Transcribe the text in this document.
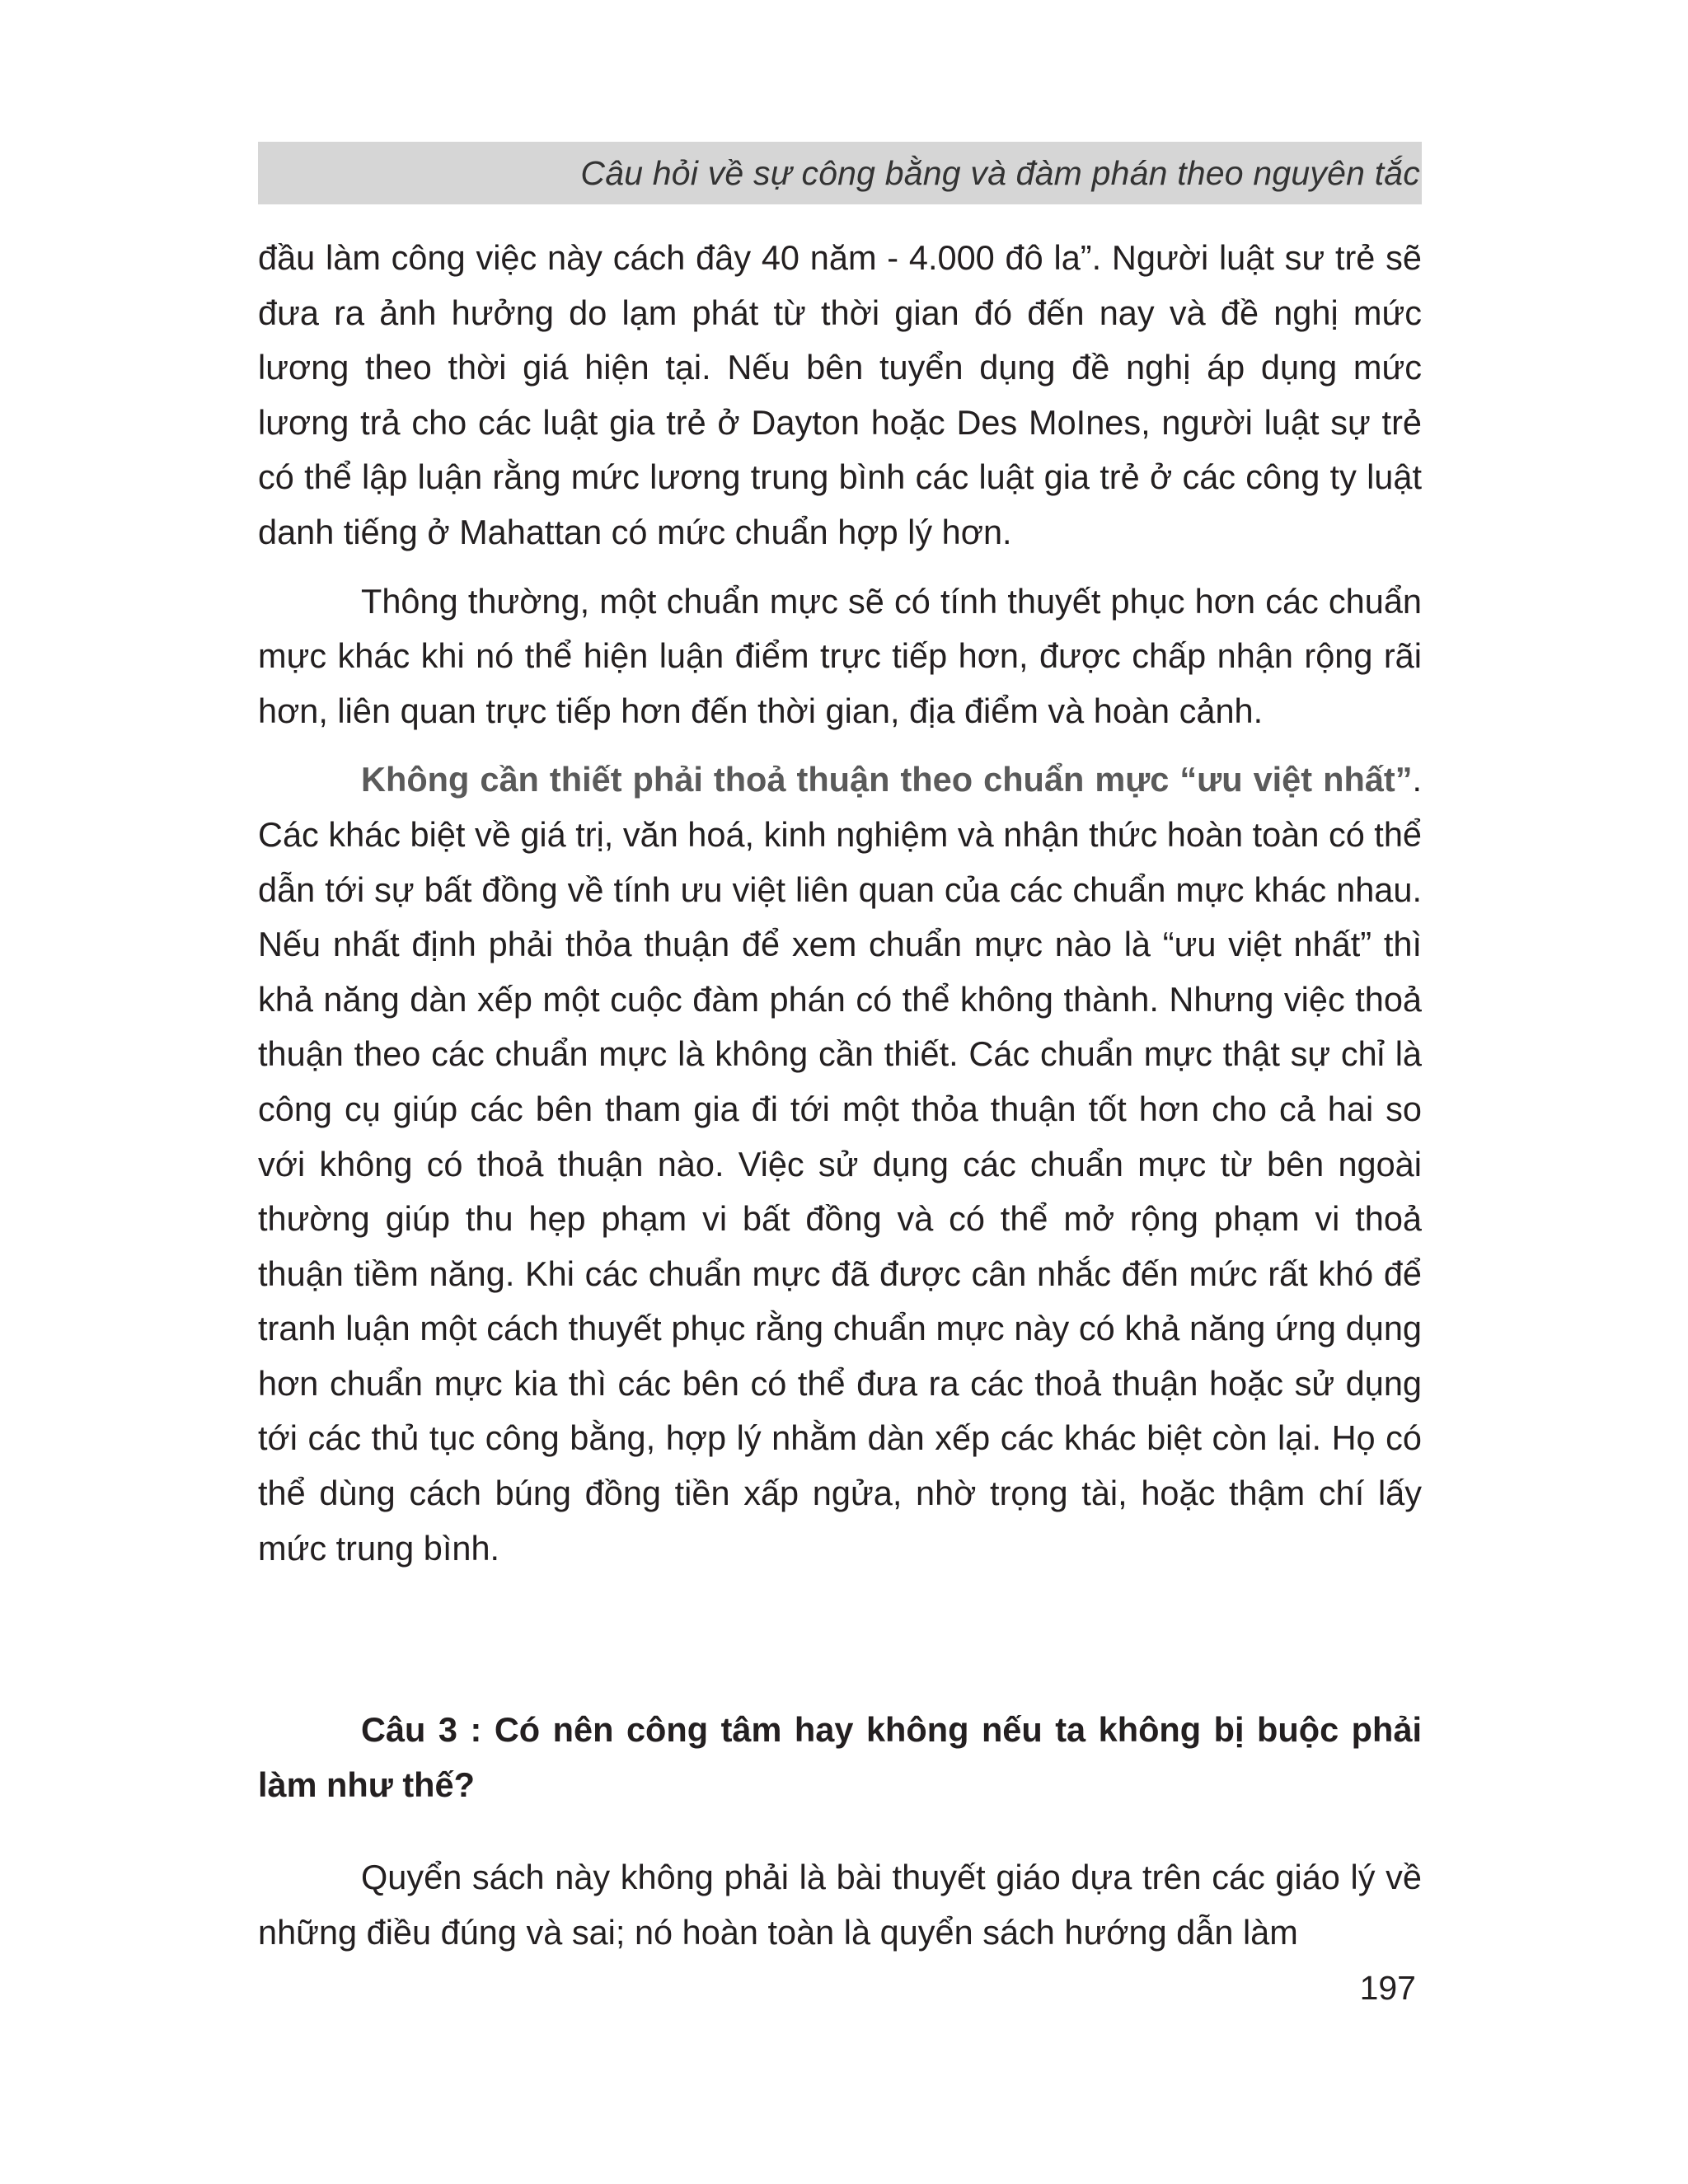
Câu hỏi về sự công bằng và đàm phán theo nguyên tắc

đầu làm công việc này cách đây 40 năm - 4.000 đô la”. Người luật sư trẻ sẽ đưa ra ảnh hưởng do lạm phát từ thời gian đó đến nay và đề nghị mức lương theo thời giá hiện tại. Nếu bên tuyển dụng đề nghị áp dụng mức lương trả cho các luật gia trẻ ở Dayton hoặc Des MoInes, người luật sự trẻ có thể lập luận rằng mức lương trung bình các luật gia trẻ ở các công ty luật danh tiếng ở Mahattan có mức chuẩn hợp lý hơn.

Thông thường, một chuẩn mực sẽ có tính thuyết phục hơn các chuẩn mực khác khi nó thể hiện luận điểm trực tiếp hơn, được chấp nhận rộng rãi hơn, liên quan trực tiếp hơn đến thời gian, địa điểm và hoàn cảnh.

Không cần thiết phải thoả thuận theo chuẩn mực “ưu việt nhất”. Các khác biệt về giá trị, văn hoá, kinh nghiệm và nhận thức hoàn toàn có thể dẫn tới sự bất đồng về tính ưu việt liên quan của các chuẩn mực khác nhau. Nếu nhất định phải thỏa thuận để xem chuẩn mực nào là “ưu việt nhất” thì khả năng dàn xếp một cuộc đàm phán có thể không thành. Nhưng việc thoả thuận theo các chuẩn mực là không cần thiết. Các chuẩn mực thật sự chỉ là công cụ giúp các bên tham gia đi tới một thỏa thuận tốt hơn cho cả hai so với không có thoả thuận nào. Việc sử dụng các chuẩn mực từ bên ngoài thường giúp thu hẹp phạm vi bất đồng và có thể mở rộng phạm vi thoả thuận tiềm năng. Khi các chuẩn mực đã được cân nhắc đến mức rất khó để tranh luận một cách thuyết phục rằng chuẩn mực này có khả năng ứng dụng hơn chuẩn mực kia thì các bên có thể đưa ra các thoả thuận hoặc sử dụng tới các thủ tục công bằng, hợp lý nhằm dàn xếp các khác biệt còn lại. Họ có thể dùng cách búng đồng tiền xấp ngửa, nhờ trọng tài, hoặc thậm chí lấy mức trung bình.

Câu 3 : Có nên công tâm hay không nếu ta không bị buộc phải làm như thế?

Quyển sách này không phải là bài thuyết giáo dựa trên các giáo lý về những điều đúng và sai; nó hoàn toàn là quyển sách hướng dẫn làm

197
